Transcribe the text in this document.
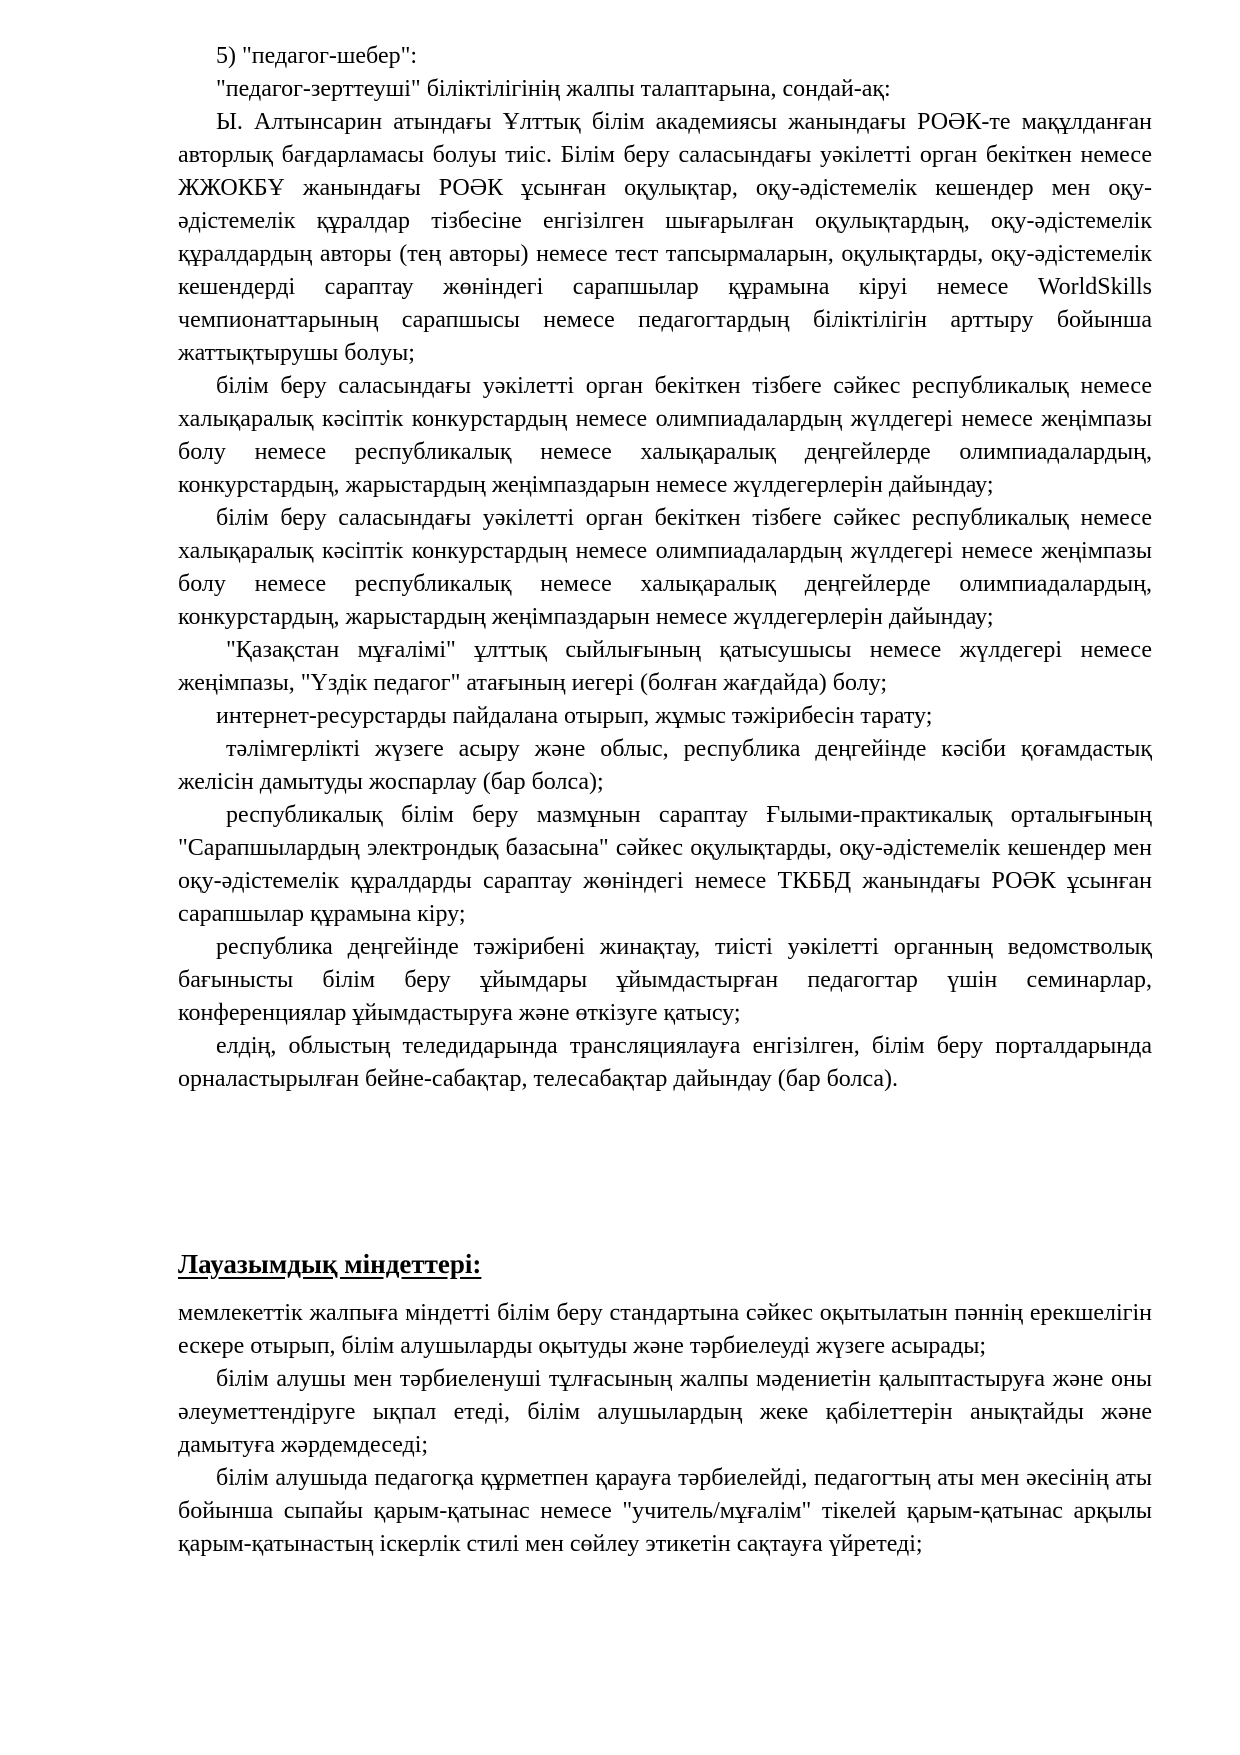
5) "педагог-шебер":

"педагог-зерттеуші" біліктілігінің жалпы талаптарына, сондай-ақ:

Ы. Алтынсарин атындағы Ұлттық білім академиясы жанындағы РОӘК-те мақұлданған авторлық бағдарламасы болуы тиіс. Білім беру саласындағы уәкілетті орган бекіткен немесе ЖЖОКБҰ жанындағы РОӘК ұсынған оқулықтар, оқу-әдістемелік кешендер мен оқу-әдістемелік құралдар тізбесіне енгізілген шығарылған оқулықтардың, оқу-әдістемелік құралдардың авторы (тең авторы) немесе тест тапсырмаларын, оқулықтарды, оқу-әдістемелік кешендерді сараптау жөніндегі сарапшылар құрамына кіруі немесе WorldSkills чемпионаттарының сарапшысы немесе педагогтардың біліктілігін арттыру бойынша жаттықтырушы болуы;

білім беру саласындағы уәкілетті орган бекіткен тізбеге сәйкес республикалық немесе халықаралық кәсіптік конкурстардың немесе олимпиадалардың жүлдегері немесе жеңімпазы болу немесе республикалық немесе халықаралық деңгейлерде олимпиадалардың, конкурстардың, жарыстардың жеңімпаздарын немесе жүлдегерлерін дайындау;

білім беру саласындағы уәкілетті орган бекіткен тізбеге сәйкес республикалық немесе халықаралық кәсіптік конкурстардың немесе олимпиадалардың жүлдегері немесе жеңімпазы болу немесе республикалық немесе халықаралық деңгейлерде олимпиадалардың, конкурстардың, жарыстардың жеңімпаздарын немесе жүлдегерлерін дайындау;

"Қазақстан мұғалімі" ұлттық сыйлығының қатысушысы немесе жүлдегері немесе жеңімпазы, "Үздік педагог" атағының иегері (болған жағдайда) болу;

интернет-ресурстарды пайдалана отырып, жұмыс тәжірибесін тарату;

тәлімгерлікті жүзеге асыру және облыс, республика деңгейінде кәсіби қоғамдастық желісін дамытуды жоспарлау (бар болса);

республикалық білім беру мазмұнын сараптау Ғылыми-практикалық орталығының "Сарапшылардың электрондық базасына" сәйкес оқулықтарды, оқу-әдістемелік кешендер мен оқу-әдістемелік құралдарды сараптау жөніндегі немесе ТКББД жанындағы РОӘК ұсынған сарапшылар құрамына кіру;

республика деңгейінде тәжірибені жинақтау, тиісті уәкілетті органның ведомстволық бағынысты білім беру ұйымдары ұйымдастырған педагогтар үшін семинарлар, конференциялар ұйымдастыруға және өткізуге қатысу;

елдің, облыстың теледидарында трансляциялауға енгізілген, білім беру порталдарында орналастырылған бейне-сабақтар, телесабақтар дайындау (бар болса).

Лауазымдық міндеттері:

мемлекеттік жалпыға міндетті білім беру стандартына сәйкес оқытылатын пәннің ерекшелігін ескере отырып, білім алушыларды оқытуды және тәрбиелеуді жүзеге асырады;

білім алушы мен тәрбиеленуші тұлғасының жалпы мәдениетін қалыптастыруға және оны әлеуметтендіруге ықпал етеді, білім алушылардың жеке қабілеттерін анықтайды және дамытуға жәрдемдеседі;

білім алушыда педагогқа құрметпен қарауға тәрбиелейді, педагогтың аты мен әкесінің аты бойынша сыпайы қарым-қатынас немесе "учитель/мұғалім" тікелей қарым-қатынас арқылы қарым-қатынастың іскерлік стилі мен сөйлеу этикетін сақтауға үйретеді;
